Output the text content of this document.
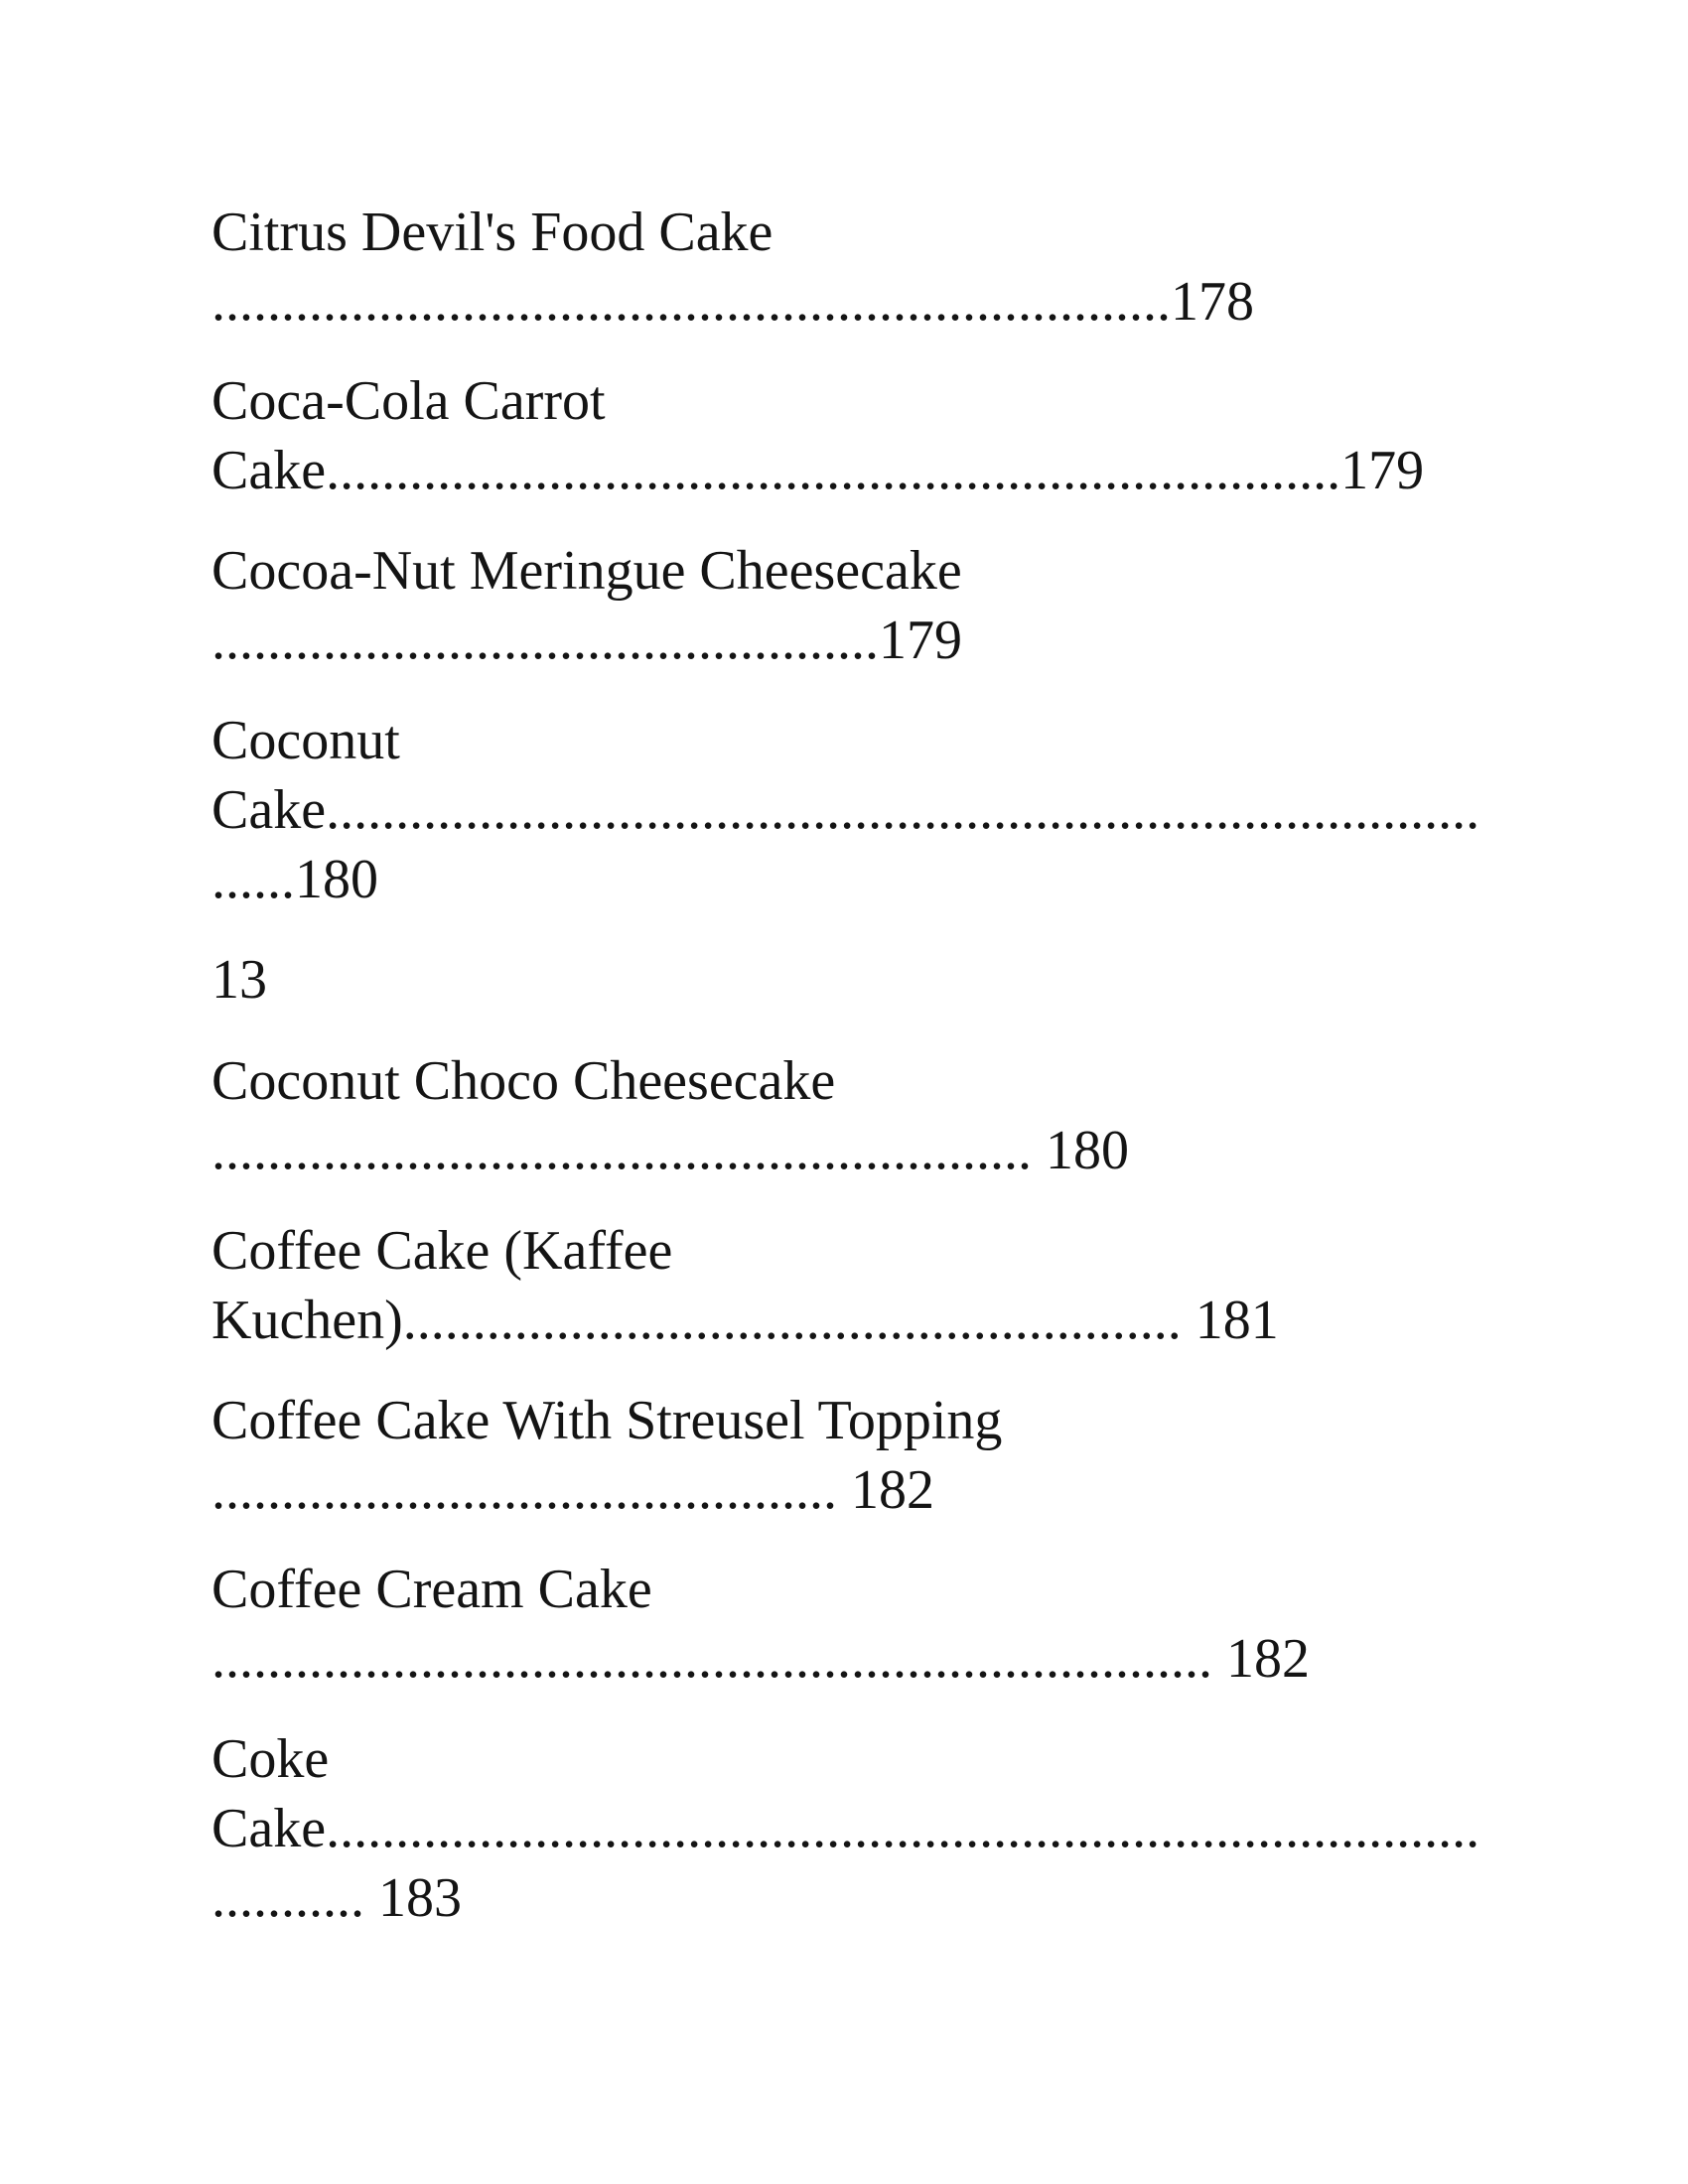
Citrus Devil's Food Cake
.....................................................................178
Coca-Cola Carrot
Cake.........................................................................179
Cocoa-Nut Meringue Cheesecake
................................................179
Coconut
Cake...................................................................................
......180
13
Coconut Choco Cheesecake
........................................................... 180
Coffee Cake (Kaffee
Kuchen)........................................................ 181
Coffee Cake With Streusel Topping
............................................. 182
Coffee Cream Cake
........................................................................ 182
Coke
Cake...................................................................................
........... 183
